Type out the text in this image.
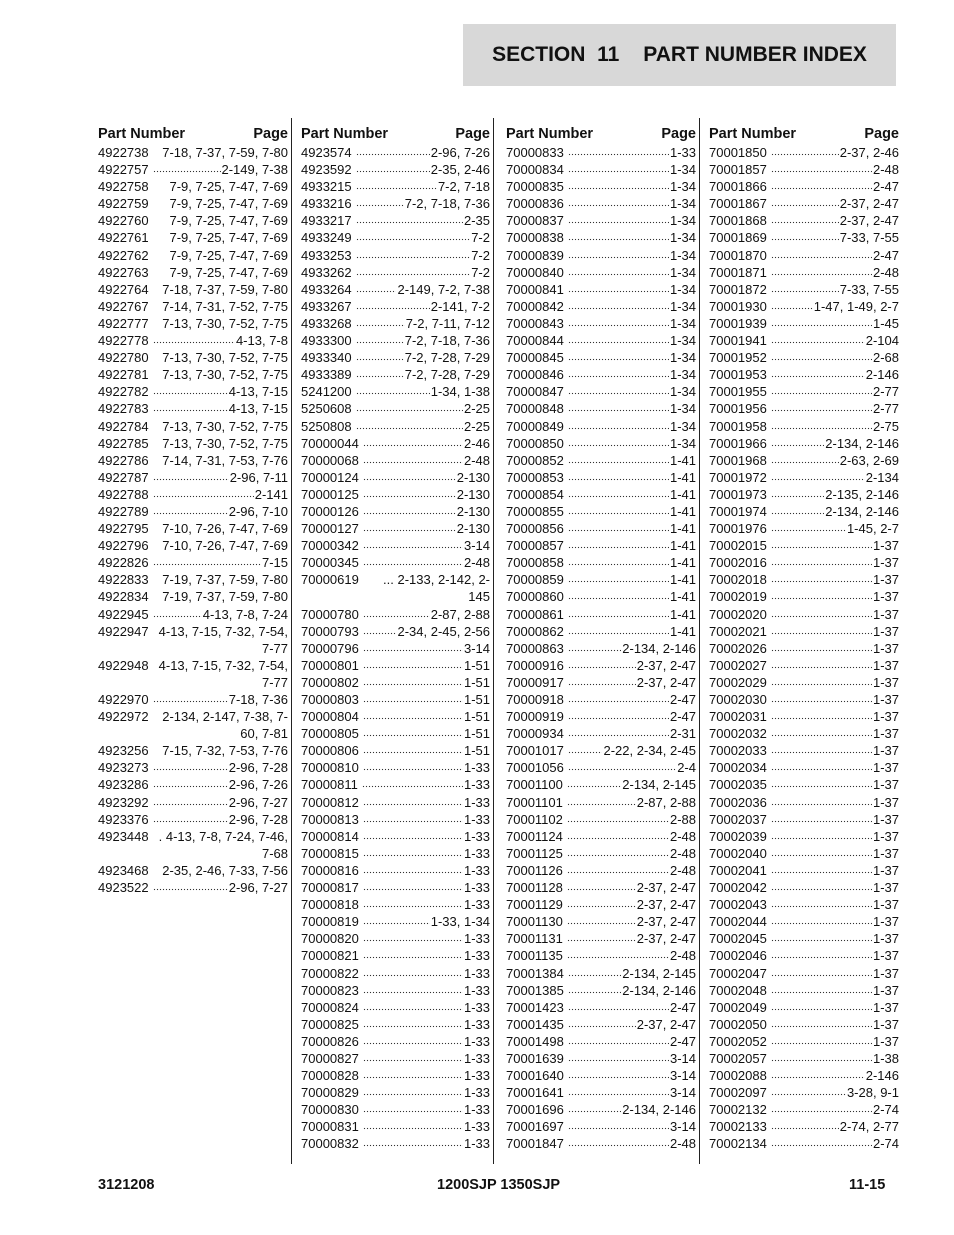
SECTION  11 PART NUMBER INDEX
Part Number	Page
4922738	7-18, 7-37, 7-59, 7-80
4922757	2-149, 7-38
4922758	7-9, 7-25, 7-47, 7-69
4922759	7-9, 7-25, 7-47, 7-69
4922760	7-9, 7-25, 7-47, 7-69
4922761	7-9, 7-25, 7-47, 7-69
4922762	7-9, 7-25, 7-47, 7-69
4922763	7-9, 7-25, 7-47, 7-69
4922764	7-18, 7-37, 7-59, 7-80
4922767	7-14, 7-31, 7-52, 7-75
4922777	7-13, 7-30, 7-52, 7-75
4922778	4-13, 7-8
4922780	7-13, 7-30, 7-52, 7-75
4922781	7-13, 7-30, 7-52, 7-75
4922782	4-13, 7-15
4922783	4-13, 7-15
4922784	7-13, 7-30, 7-52, 7-75
4922785	7-13, 7-30, 7-52, 7-75
4922786	7-14, 7-31, 7-53, 7-76
4922787	2-96, 7-11
4922788	2-141
4922789	2-96, 7-10
4922795	7-10, 7-26, 7-47, 7-69
4922796	7-10, 7-26, 7-47, 7-69
4922826	7-15
4922833	7-19, 7-37, 7-59, 7-80
4922834	7-19, 7-37, 7-59, 7-80
4922945	4-13, 7-8, 7-24
4922947 4-13, 7-15, 7-32, 7-54, 7-77
4922948 4-13, 7-15, 7-32, 7-54, 7-77
4922970	7-18, 7-36
4922972	2-134, 2-147, 7-38, 7-60, 7-81
4923256	7-15, 7-32, 7-53, 7-76
4923273	2-96, 7-28
4923286	2-96, 7-26
4923292	2-96, 7-27
4923376	2-96, 7-28
4923448 . 4-13, 7-8, 7-24, 7-46, 7-68
4923468	2-35, 2-46, 7-33, 7-56
4923522	2-96, 7-27
Part Number	Page
4923574	2-96, 7-26
4923592	2-35, 2-46
4933215	7-2, 7-18
4933216	7-2, 7-18, 7-36
4933217	2-35
4933249	7-2
4933253	7-2
4933262	7-2
4933264	2-149, 7-2, 7-38
4933267	2-141, 7-2
4933268	7-2, 7-11, 7-12
4933300	7-2, 7-18, 7-36
4933340	7-2, 7-28, 7-29
4933389	7-2, 7-28, 7-29
5241200	1-34, 1-38
5250608	2-25
5250808	2-25
70000044	2-46
70000068	2-48
70000124	2-130
70000125	2-130
70000126	2-130
70000127	2-130
70000342	3-14
70000345	2-48
70000619	... 2-133, 2-142, 2-145
70000780	2-87, 2-88
70000793	2-34, 2-45, 2-56
70000796	3-14
70000801	1-51
70000802	1-51
70000803	1-51
70000804	1-51
70000805	1-51
70000806	1-51
70000810	1-33
70000811	1-33
70000812	1-33
70000813	1-33
70000814	1-33
70000815	1-33
70000816	1-33
70000817	1-33
70000818	1-33
70000819	1-33, 1-34
70000820	1-33
70000821	1-33
70000822	1-33
70000823	1-33
70000824	1-33
70000825	1-33
70000826	1-33
70000827	1-33
70000828	1-33
70000829	1-33
70000830	1-33
70000831	1-33
70000832	1-33
Part Number	Page
70000833	1-33
70000834	1-34
70000835	1-34
70000836	1-34
70000837	1-34
70000838	1-34
70000839	1-34
70000840	1-34
70000841	1-34
70000842	1-34
70000843	1-34
70000844	1-34
70000845	1-34
70000846	1-34
70000847	1-34
70000848	1-34
70000849	1-34
70000850	1-34
70000852	1-41
70000853	1-41
70000854	1-41
70000855	1-41
70000856	1-41
70000857	1-41
70000858	1-41
70000859	1-41
70000860	1-41
70000861	1-41
70000862	1-41
70000863	2-134, 2-146
70000916	2-37, 2-47
70000917	2-37, 2-47
70000918	2-47
70000919	2-47
70000934	2-31
70001017	2-22, 2-34, 2-45
70001056	2-4
70001100	2-134, 2-145
70001101	2-87, 2-88
70001102	2-88
70001124	2-48
70001125	2-48
70001126	2-48
70001128	2-37, 2-47
70001129	2-37, 2-47
70001130	2-37, 2-47
70001131	2-37, 2-47
70001135	2-48
70001384	2-134, 2-145
70001385	2-134, 2-146
70001423	2-47
70001435	2-37, 2-47
70001498	2-47
70001639	3-14
70001640	3-14
70001641	3-14
70001696	2-134, 2-146
70001697	3-14
70001847	2-48
Part Number	Page
70001850	2-37, 2-46
70001857	2-48
70001866	2-47
70001867	2-37, 2-47
70001868	2-37, 2-47
70001869	7-33, 7-55
70001870	2-47
70001871	2-48
70001872	7-33, 7-55
70001930	1-47, 1-49, 2-7
70001939	1-45
70001941	2-104
70001952	2-68
70001953	2-146
70001955	2-77
70001956	2-77
70001958	2-75
70001966	2-134, 2-146
70001968	2-63, 2-69
70001972	2-134
70001973	2-135, 2-146
70001974	2-134, 2-146
70001976	1-45, 2-7
70002015	1-37
70002016	1-37
70002018	1-37
70002019	1-37
70002020	1-37
70002021	1-37
70002026	1-37
70002027	1-37
70002029	1-37
70002030	1-37
70002031	1-37
70002032	1-37
70002033	1-37
70002034	1-37
70002035	1-37
70002036	1-37
70002037	1-37
70002039	1-37
70002040	1-37
70002041	1-37
70002042	1-37
70002043	1-37
70002044	1-37
70002045	1-37
70002046	1-37
70002047	1-37
70002048	1-37
70002049	1-37
70002050	1-37
70002052	1-37
70002057	1-38
70002088	2-146
70002097	3-28, 9-1
70002132	2-74
70002133	2-74, 2-77
70002134	2-74
3121208	1200SJP 1350SJP	11-15
